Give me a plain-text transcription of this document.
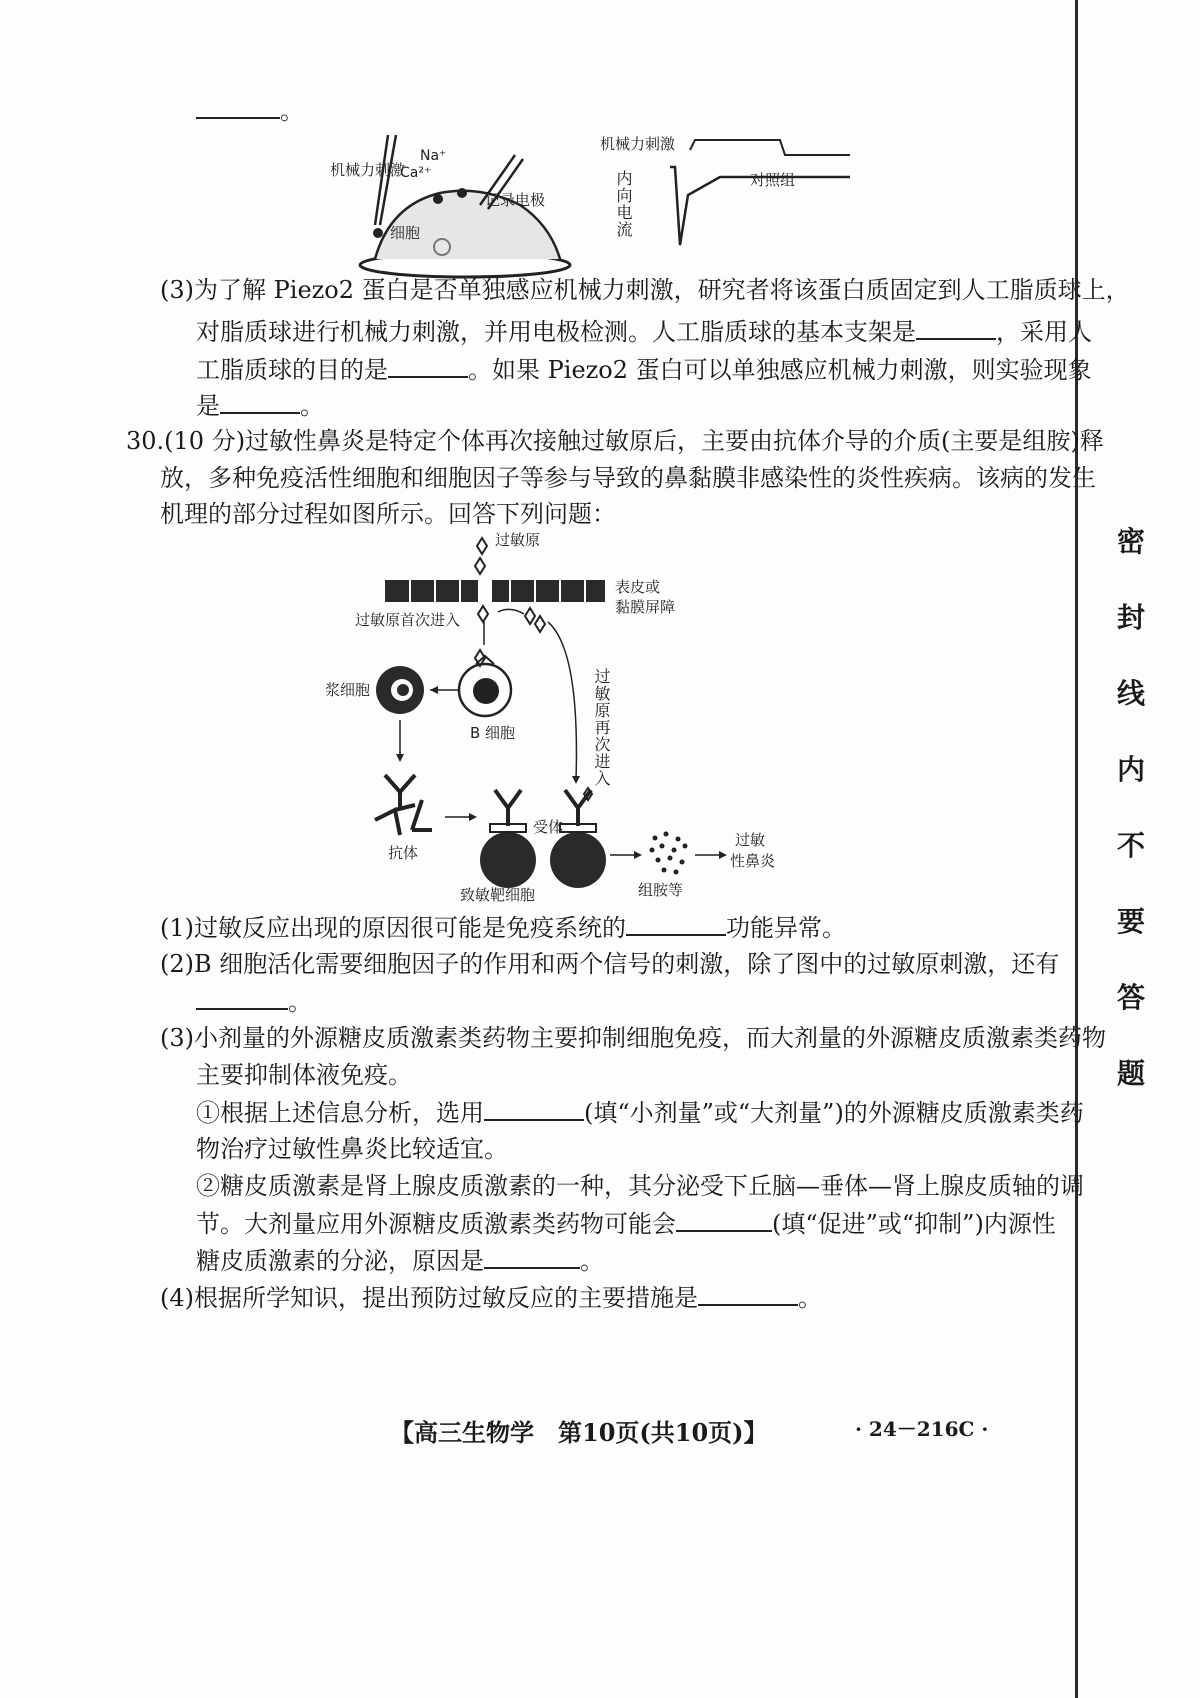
密
封
线
内
不
要
答
题
。
机械力刺激
Na⁺
Ca²⁺
记录电极
细胞
机械力刺激
对照组
内向电流
(3)为了解 Piezo2 蛋白是否单独感应机械力刺激，研究者将该蛋白质固定到人工脂质球上，
对脂质球进行机械力刺激，并用电极检测。人工脂质球的基本支架是	，采用人
工脂质球的目的是	。如果 Piezo2 蛋白可以单独感应机械力刺激，则实验现象
是	。
30.(10 分)过敏性鼻炎是特定个体再次接触过敏原后，主要由抗体介导的介质(主要是组胺)释
放，多种免疫活性细胞和细胞因子等参与导致的鼻黏膜非感染性的炎性疾病。该病的发生
机理的部分过程如图所示。回答下列问题：
过敏原
表皮或
黏膜屏障
过敏原首次进入
浆细胞
B 细胞
受体
抗体
致敏靶细胞	组胺等
过敏
性鼻炎
过敏原再次进入
(1)过敏反应出现的原因很可能是免疫系统的	功能异常。
(2)B 细胞活化需要细胞因子的作用和两个信号的刺激，除了图中的过敏原刺激，还有
。
(3)小剂量的外源糖皮质激素类药物主要抑制细胞免疫，而大剂量的外源糖皮质激素类药物
主要抑制体液免疫。
①根据上述信息分析，选用	(填“小剂量”或“大剂量”)的外源糖皮质激素类药
物治疗过敏性鼻炎比较适宜。
②糖皮质激素是肾上腺皮质激素的一种，其分泌受下丘脑—垂体—肾上腺皮质轴的调
节。大剂量应用外源糖皮质激素类药物可能会	(填“促进”或“抑制”)内源性
糖皮质激素的分泌，原因是	。
(4)根据所学知识，提出预防过敏反应的主要措施是	。
【高三生物学　第10页(共10页)】	· 24－216C ·
